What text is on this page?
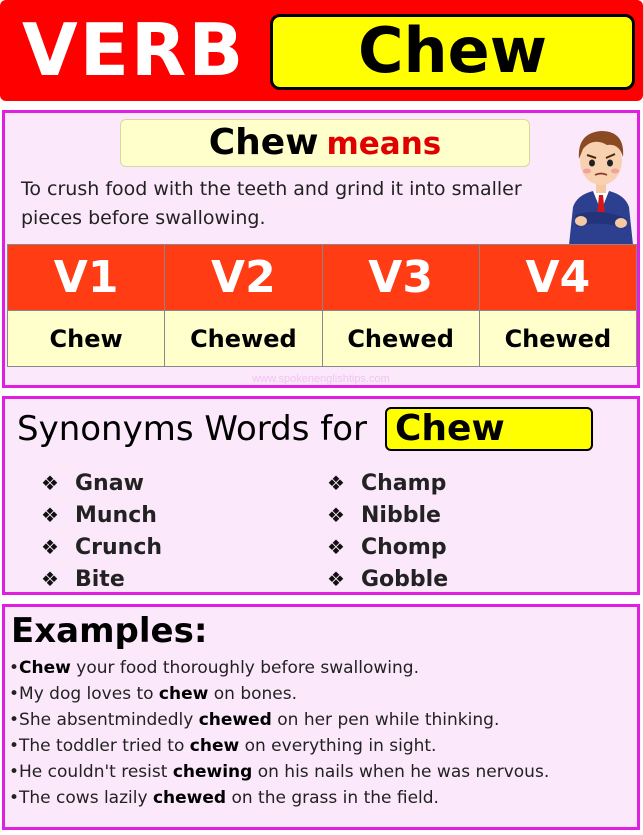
VERB	Chew
Chew means
To crush food with the teeth and grind it into smaller pieces before swallowing.
V1	V2	V3	V4
Chew	Chewed	Chewed	Chewed
www.spokenenglishtips.com
Synonyms Words for Chew
❖ Gnaw
❖ Munch
❖ Crunch
❖ Bite
❖ Champ
❖ Nibble
❖ Chomp
❖ Gobble
Examples:
•Chew your food thoroughly before swallowing.
•My dog loves to chew on bones.
•She absentmindedly chewed on her pen while thinking.
•The toddler tried to chew on everything in sight.
•He couldn't resist chewing on his nails when he was nervous.
•The cows lazily chewed on the grass in the field.
